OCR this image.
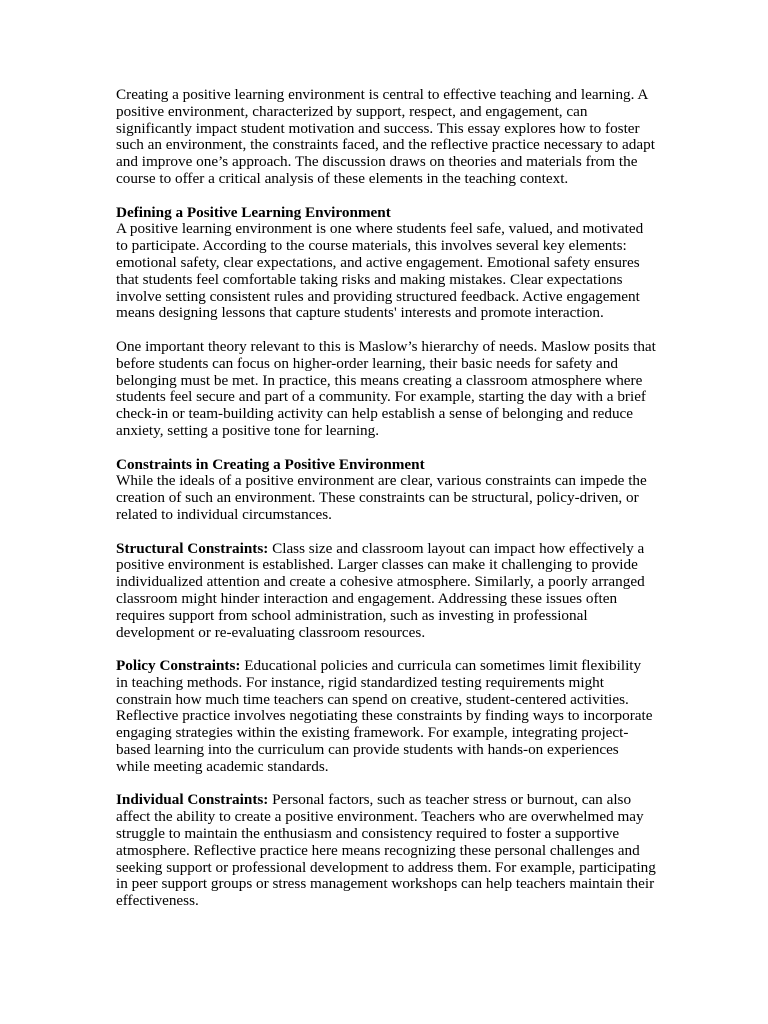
Creating a positive learning environment is central to effective teaching and learning. A positive environment, characterized by support, respect, and engagement, can significantly impact student motivation and success. This essay explores how to foster such an environment, the constraints faced, and the reflective practice necessary to adapt and improve one’s approach. The discussion draws on theories and materials from the course to offer a critical analysis of these elements in the teaching context.

Defining a Positive Learning Environment
A positive learning environment is one where students feel safe, valued, and motivated to participate. According to the course materials, this involves several key elements: emotional safety, clear expectations, and active engagement. Emotional safety ensures that students feel comfortable taking risks and making mistakes. Clear expectations involve setting consistent rules and providing structured feedback. Active engagement means designing lessons that capture students' interests and promote interaction.

One important theory relevant to this is Maslow’s hierarchy of needs. Maslow posits that before students can focus on higher-order learning, their basic needs for safety and belonging must be met. In practice, this means creating a classroom atmosphere where students feel secure and part of a community. For example, starting the day with a brief check-in or team-building activity can help establish a sense of belonging and reduce anxiety, setting a positive tone for learning.

Constraints in Creating a Positive Environment
While the ideals of a positive environment are clear, various constraints can impede the creation of such an environment. These constraints can be structural, policy-driven, or related to individual circumstances.

Structural Constraints: Class size and classroom layout can impact how effectively a positive environment is established. Larger classes can make it challenging to provide individualized attention and create a cohesive atmosphere. Similarly, a poorly arranged classroom might hinder interaction and engagement. Addressing these issues often requires support from school administration, such as investing in professional development or re-evaluating classroom resources.

Policy Constraints: Educational policies and curricula can sometimes limit flexibility in teaching methods. For instance, rigid standardized testing requirements might constrain how much time teachers can spend on creative, student-centered activities. Reflective practice involves negotiating these constraints by finding ways to incorporate engaging strategies within the existing framework. For example, integrating project-based learning into the curriculum can provide students with hands-on experiences while meeting academic standards.

Individual Constraints: Personal factors, such as teacher stress or burnout, can also affect the ability to create a positive environment. Teachers who are overwhelmed may struggle to maintain the enthusiasm and consistency required to foster a supportive atmosphere. Reflective practice here means recognizing these personal challenges and seeking support or professional development to address them. For example, participating in peer support groups or stress management workshops can help teachers maintain their effectiveness.
